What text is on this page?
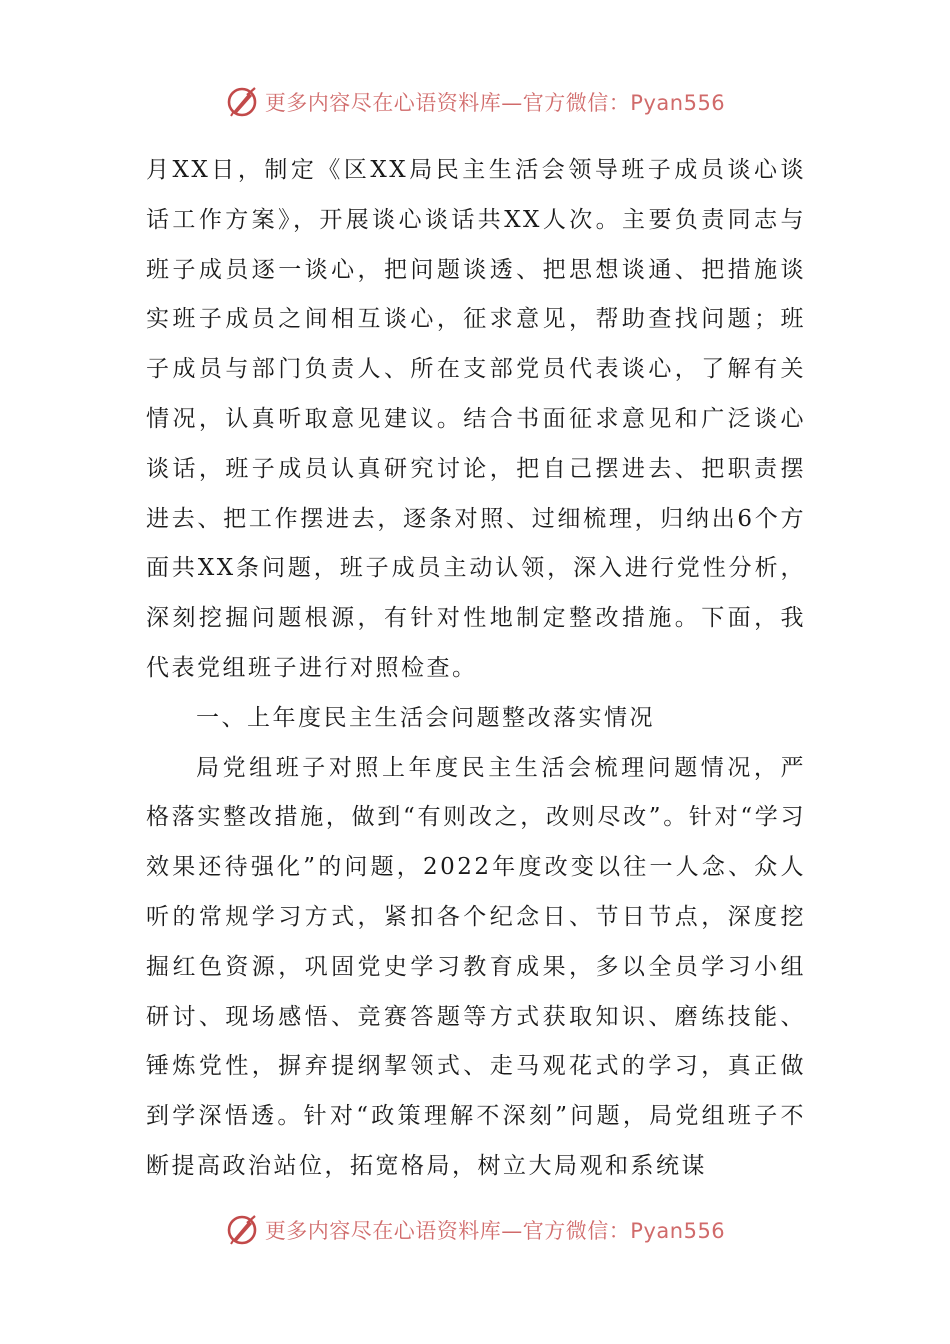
更多内容尽在心语资料库—官方微信：Pyan556

月XX日，制定《区XX局民主生活会领导班子成员谈心谈话工作方案》，开展谈心谈话共XX人次。主要负责同志与班子成员逐一谈心，把问题谈透、把思想谈通、把措施谈实班子成员之间相互谈心，征求意见，帮助查找问题；班子成员与部门负责人、所在支部党员代表谈心，了解有关情况，认真听取意见建议。结合书面征求意见和广泛谈心谈话，班子成员认真研究讨论，把自己摆进去、把职责摆进去、把工作摆进去，逐条对照、过细梳理，归纳出6个方面共XX条问题，班子成员主动认领，深入进行党性分析，深刻挖掘问题根源，有针对性地制定整改措施。下面，我代表党组班子进行对照检查。

一、上年度民主生活会问题整改落实情况

局党组班子对照上年度民主生活会梳理问题情况，严格落实整改措施，做到“有则改之，改则尽改”。针对“学习效果还待强化”的问题，2022年度改变以往一人念、众人听的常规学习方式，紧扣各个纪念日、节日节点，深度挖掘红色资源，巩固党史学习教育成果，多以全员学习小组研讨、现场感悟、竞赛答题等方式获取知识、磨练技能、锤炼党性，摒弃提纲挈领式、走马观花式的学习，真正做到学深悟透。针对“政策理解不深刻”问题，局党组班子不断提高政治站位，拓宽格局，树立大局观和系统谋

更多内容尽在心语资料库—官方微信：Pyan556
